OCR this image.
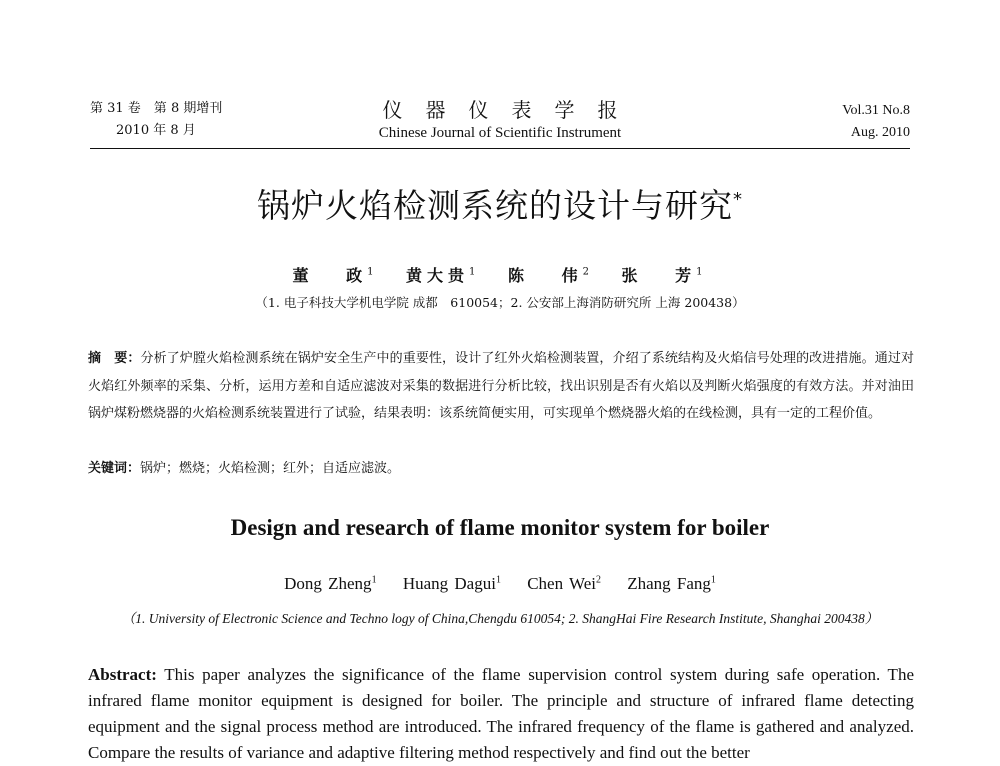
第 31 卷　第 8 期增刊
2010 年 8 月
仪器仪表学报
Chinese Journal of Scientific Instrument
Vol.31 No.8
Aug. 2010
锅炉火焰检测系统的设计与研究*
董 政$^1$ 黄大贵$^1$ 陈 伟$^2$ 张 芳$^1$
（1. 电子科技大学机电学院 成都　610054；2. 公安部上海消防研究所 上海 200438）
摘　要：分析了炉膛火焰检测系统在锅炉安全生产中的重要性，设计了红外火焰检测装置，介绍了系统结构及火焰信号处理的改进措施。通过对火焰红外频率的采集、分析，运用方差和自适应滤波对采集的数据进行分析比较，找出识别是否有火焰以及判断火焰强度的有效方法。并对油田锅炉煤粉燃烧器的火焰检测系统装置进行了试验，结果表明：该系统简便实用，可实现单个燃烧器火焰的在线检测，具有一定的工程价值。
关键词：锅炉；燃烧；火焰检测；红外；自适应滤波。
Design and research of flame monitor system for boiler
Dong Zheng$^1$ Huang Dagui$^1$ Chen Wei$^2$ Zhang Fang$^1$
（1. University of Electronic Science and Techno logy of China,Chengdu 610054; 2. ShangHai Fire Research Institute, Shanghai 200438）
Abstract: This paper analyzes the significance of the flame supervision control system during safe operation. The infrared flame monitor equipment is designed for boiler. The principle and structure of infrared flame detecting equipment and the signal process method are introduced. The infrared frequency of the flame is gathered and analyzed. Compare the results of variance and adaptive filtering method respectively and find out the better
